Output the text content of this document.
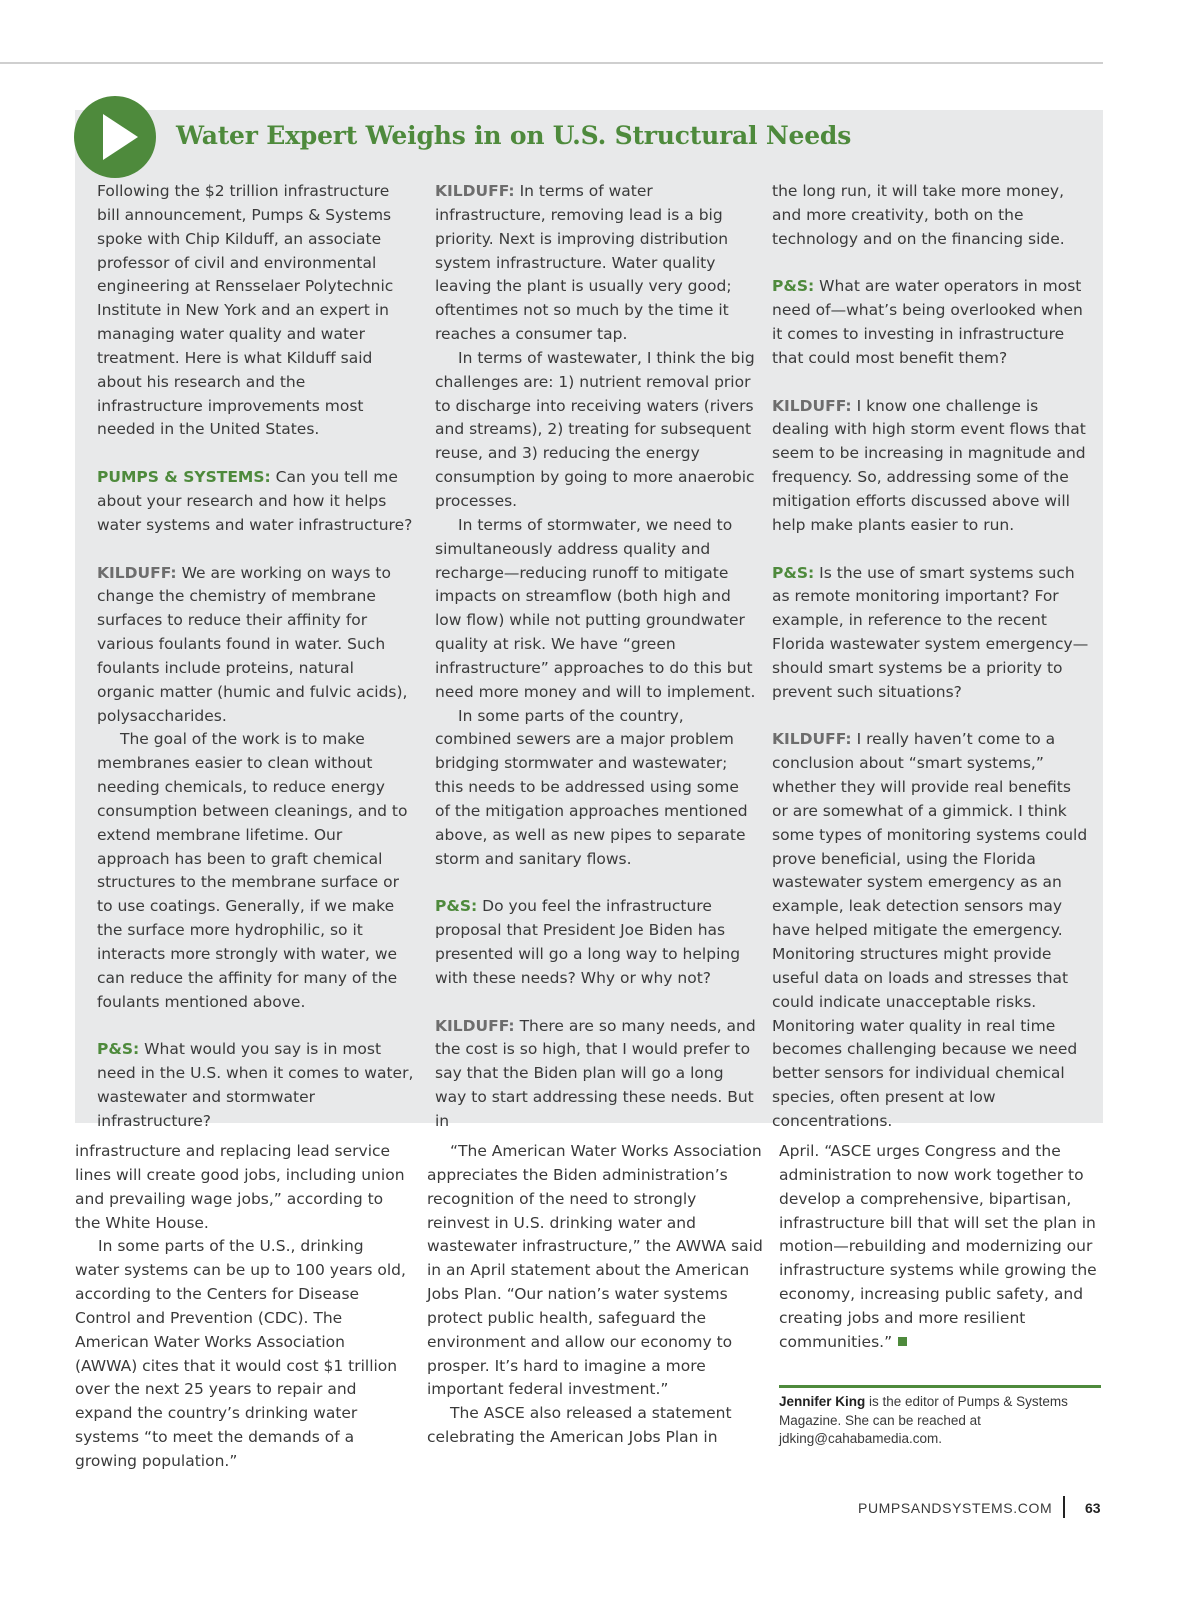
Water Expert Weighs in on U.S. Structural Needs

Following the $2 trillion infrastructure bill announcement, Pumps & Systems spoke with Chip Kilduff, an associate professor of civil and environmental engineering at Rensselaer Polytechnic Institute in New York and an expert in managing water quality and water treatment. Here is what Kilduff said about his research and the infrastructure improvements most needed in the United States.

PUMPS & SYSTEMS: Can you tell me about your research and how it helps water systems and water infrastructure?

KILDUFF: We are working on ways to change the chemistry of membrane surfaces to reduce their affinity for various foulants found in water. Such foulants include proteins, natural organic matter (humic and fulvic acids), polysaccharides.

The goal of the work is to make membranes easier to clean without needing chemicals, to reduce energy consumption between cleanings, and to extend membrane lifetime. Our approach has been to graft chemical structures to the membrane surface or to use coatings. Generally, if we make the surface more hydrophilic, so it interacts more strongly with water, we can reduce the affinity for many of the foulants mentioned above.

P&S: What would you say is in most need in the U.S. when it comes to water, wastewater and stormwater infrastructure?

KILDUFF: In terms of water infrastructure, removing lead is a big priority. Next is improving distribution system infrastructure. Water quality leaving the plant is usually very good; oftentimes not so much by the time it reaches a consumer tap.

In terms of wastewater, I think the big challenges are: 1) nutrient removal prior to discharge into receiving waters (rivers and streams), 2) treating for subsequent reuse, and 3) reducing the energy consumption by going to more anaerobic processes.

In terms of stormwater, we need to simultaneously address quality and recharge—reducing runoff to mitigate impacts on streamflow (both high and low flow) while not putting groundwater quality at risk. We have “green infrastructure” approaches to do this but need more money and will to implement.

In some parts of the country, combined sewers are a major problem bridging stormwater and wastewater; this needs to be addressed using some of the mitigation approaches mentioned above, as well as new pipes to separate storm and sanitary flows.

P&S: Do you feel the infrastructure proposal that President Joe Biden has presented will go a long way to helping with these needs? Why or why not?

KILDUFF: There are so many needs, and the cost is so high, that I would prefer to say that the Biden plan will go a long way to start addressing these needs. But in

the long run, it will take more money, and more creativity, both on the technology and on the financing side.

P&S: What are water operators in most need of—what’s being overlooked when it comes to investing in infrastructure that could most benefit them?

KILDUFF: I know one challenge is dealing with high storm event flows that seem to be increasing in magnitude and frequency. So, addressing some of the mitigation efforts discussed above will help make plants easier to run.

P&S: Is the use of smart systems such as remote monitoring important? For example, in reference to the recent Florida wastewater system emergency—should smart systems be a priority to prevent such situations?

KILDUFF: I really haven’t come to a conclusion about “smart systems,” whether they will provide real benefits or are somewhat of a gimmick. I think some types of monitoring systems could prove beneficial, using the Florida wastewater system emergency as an example, leak detection sensors may have helped mitigate the emergency. Monitoring structures might provide useful data on loads and stresses that could indicate unacceptable risks. Monitoring water quality in real time becomes challenging because we need better sensors for individual chemical species, often present at low concentrations.

infrastructure and replacing lead service lines will create good jobs, including union and prevailing wage jobs,” according to the White House.

In some parts of the U.S., drinking water systems can be up to 100 years old, according to the Centers for Disease Control and Prevention (CDC). The American Water Works Association (AWWA) cites that it would cost $1 trillion over the next 25 years to repair and expand the country’s drinking water systems “to meet the demands of a growing population.”

“The American Water Works Association appreciates the Biden administration’s recognition of the need to strongly reinvest in U.S. drinking water and wastewater infrastructure,” the AWWA said in an April statement about the American Jobs Plan. “Our nation’s water systems protect public health, safeguard the environment and allow our economy to prosper. It’s hard to imagine a more important federal investment.”

The ASCE also released a statement celebrating the American Jobs Plan in

April. “ASCE urges Congress and the administration to now work together to develop a comprehensive, bipartisan, infrastructure bill that will set the plan in motion—rebuilding and modernizing our infrastructure systems while growing the economy, increasing public safety, and creating jobs and more resilient communities.”

Jennifer King is the editor of Pumps & Systems Magazine. She can be reached at jdking@cahabamedia.com.

PUMPSANDSYSTEMS.COM 63
